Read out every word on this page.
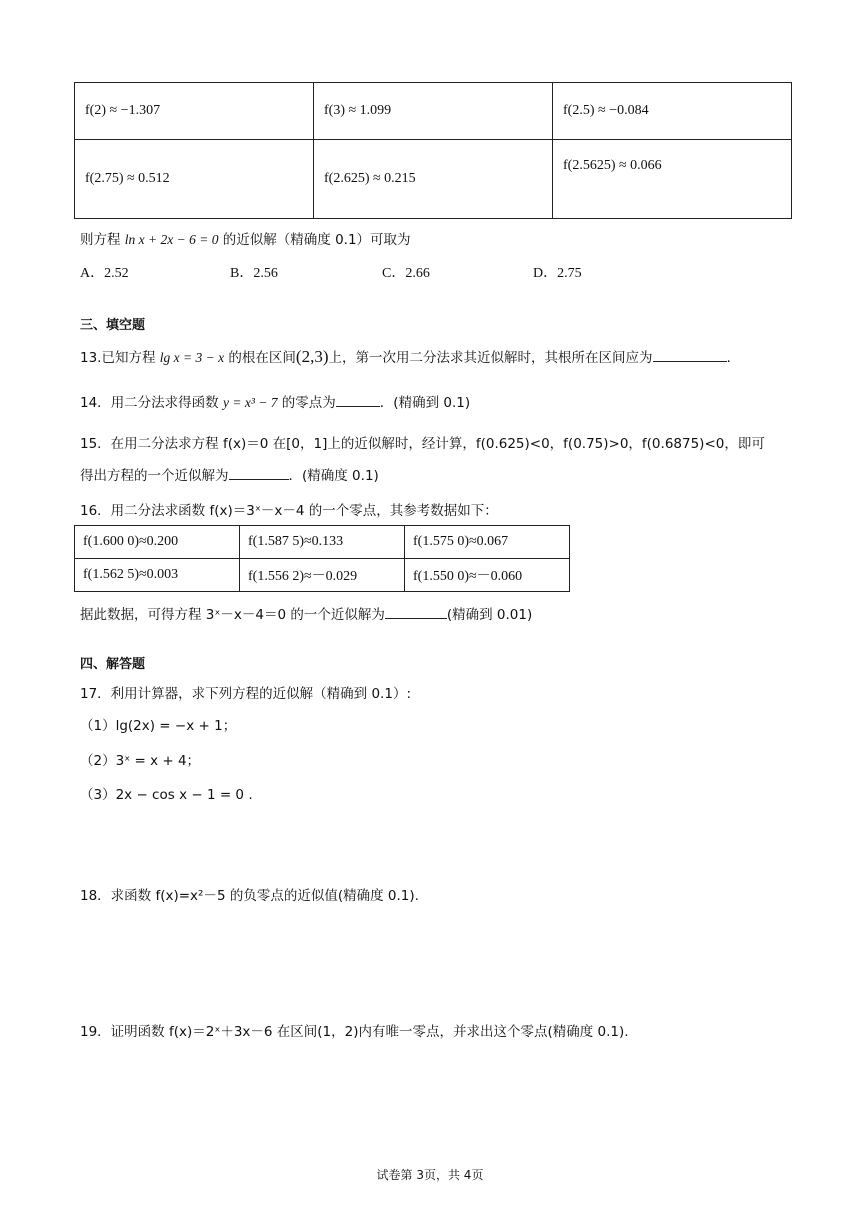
f(2) ≈ −1.307	f(3) ≈ 1.099	f(2.5) ≈ −0.084
f(2.75) ≈ 0.512	f(2.625) ≈ 0.215	f(2.5625) ≈ 0.066
则方程 ln x + 2x − 6 = 0 的近似解（精确度 0.1）可取为
A．2.52	B．2.56	C．2.66	D．2.75
三、填空题
13.已知方程 lg x = 3 − x 的根在区间(2,3)上，第一次用二分法求其近似解时，其根所在区间应为	.
14．用二分法求得函数 y = x³ − 7 的零点为	．(精确到 0.1)
15．在用二分法求方程 f(x)＝0 在[0，1]上的近似解时，经计算，f(0.625)<0，f(0.75)>0，f(0.6875)<0，即可
得出方程的一个近似解为	．(精确度 0.1)
16．用二分法求函数 f(x)＝3ˣ－x－4 的一个零点，其参考数据如下：
f(1.600 0)≈0.200	f(1.587 5)≈0.133	f(1.575 0)≈0.067
f(1.562 5)≈0.003	f(1.556 2)≈－0.029	f(1.550 0)≈－0.060
据此数据，可得方程 3ˣ－x－4＝0 的一个近似解为	(精确到 0.01)
四、解答题
17．利用计算器，求下列方程的近似解（精确到 0.1）:
（1）lg(2x) = −x + 1；
（2）3ˣ = x + 4；
（3）2x − cos x − 1 = 0 .
18．求函数 f(x)=x²－5 的负零点的近似值(精确度 0.1).
19．证明函数 f(x)＝2ˣ＋3x－6 在区间(1，2)内有唯一零点，并求出这个零点(精确度 0.1).
试卷第 3页，共 4页
